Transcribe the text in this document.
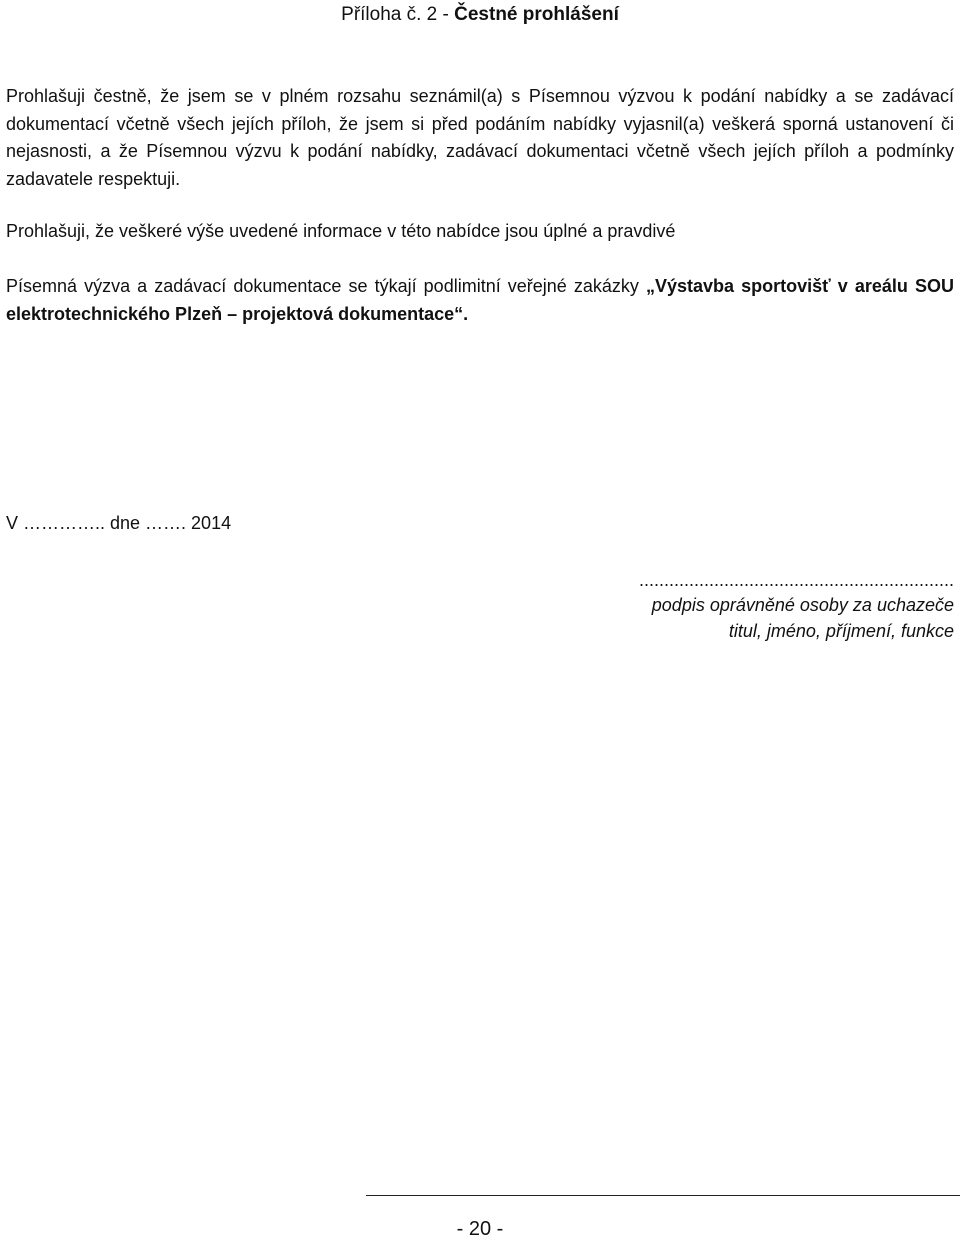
Příloha č. 2 - Čestné prohlášení
Prohlašuji čestně, že jsem se v plném rozsahu seznámil(a) s Písemnou výzvou k podání nabídky a se zadávací dokumentací včetně všech jejích příloh, že jsem si před podáním nabídky vyjasnil(a) veškerá sporná ustanovení či nejasnosti, a že Písemnou výzvu k podání nabídky, zadávací dokumentaci včetně všech jejích příloh a podmínky zadavatele respektuji.
Prohlašuji, že veškeré výše uvedené informace v této nabídce jsou úplné a pravdivé
Písemná výzva a zadávací dokumentace se týkají podlimitní veřejné zakázky „Výstavba sportovišť v areálu SOU elektrotechnického Plzeň – projektová dokumentace“.
V ………….. dne ……. 2014
...............................................................
podpis oprávněné osoby za uchazeče
titul, jméno, příjmení, funkce
- 20 -
